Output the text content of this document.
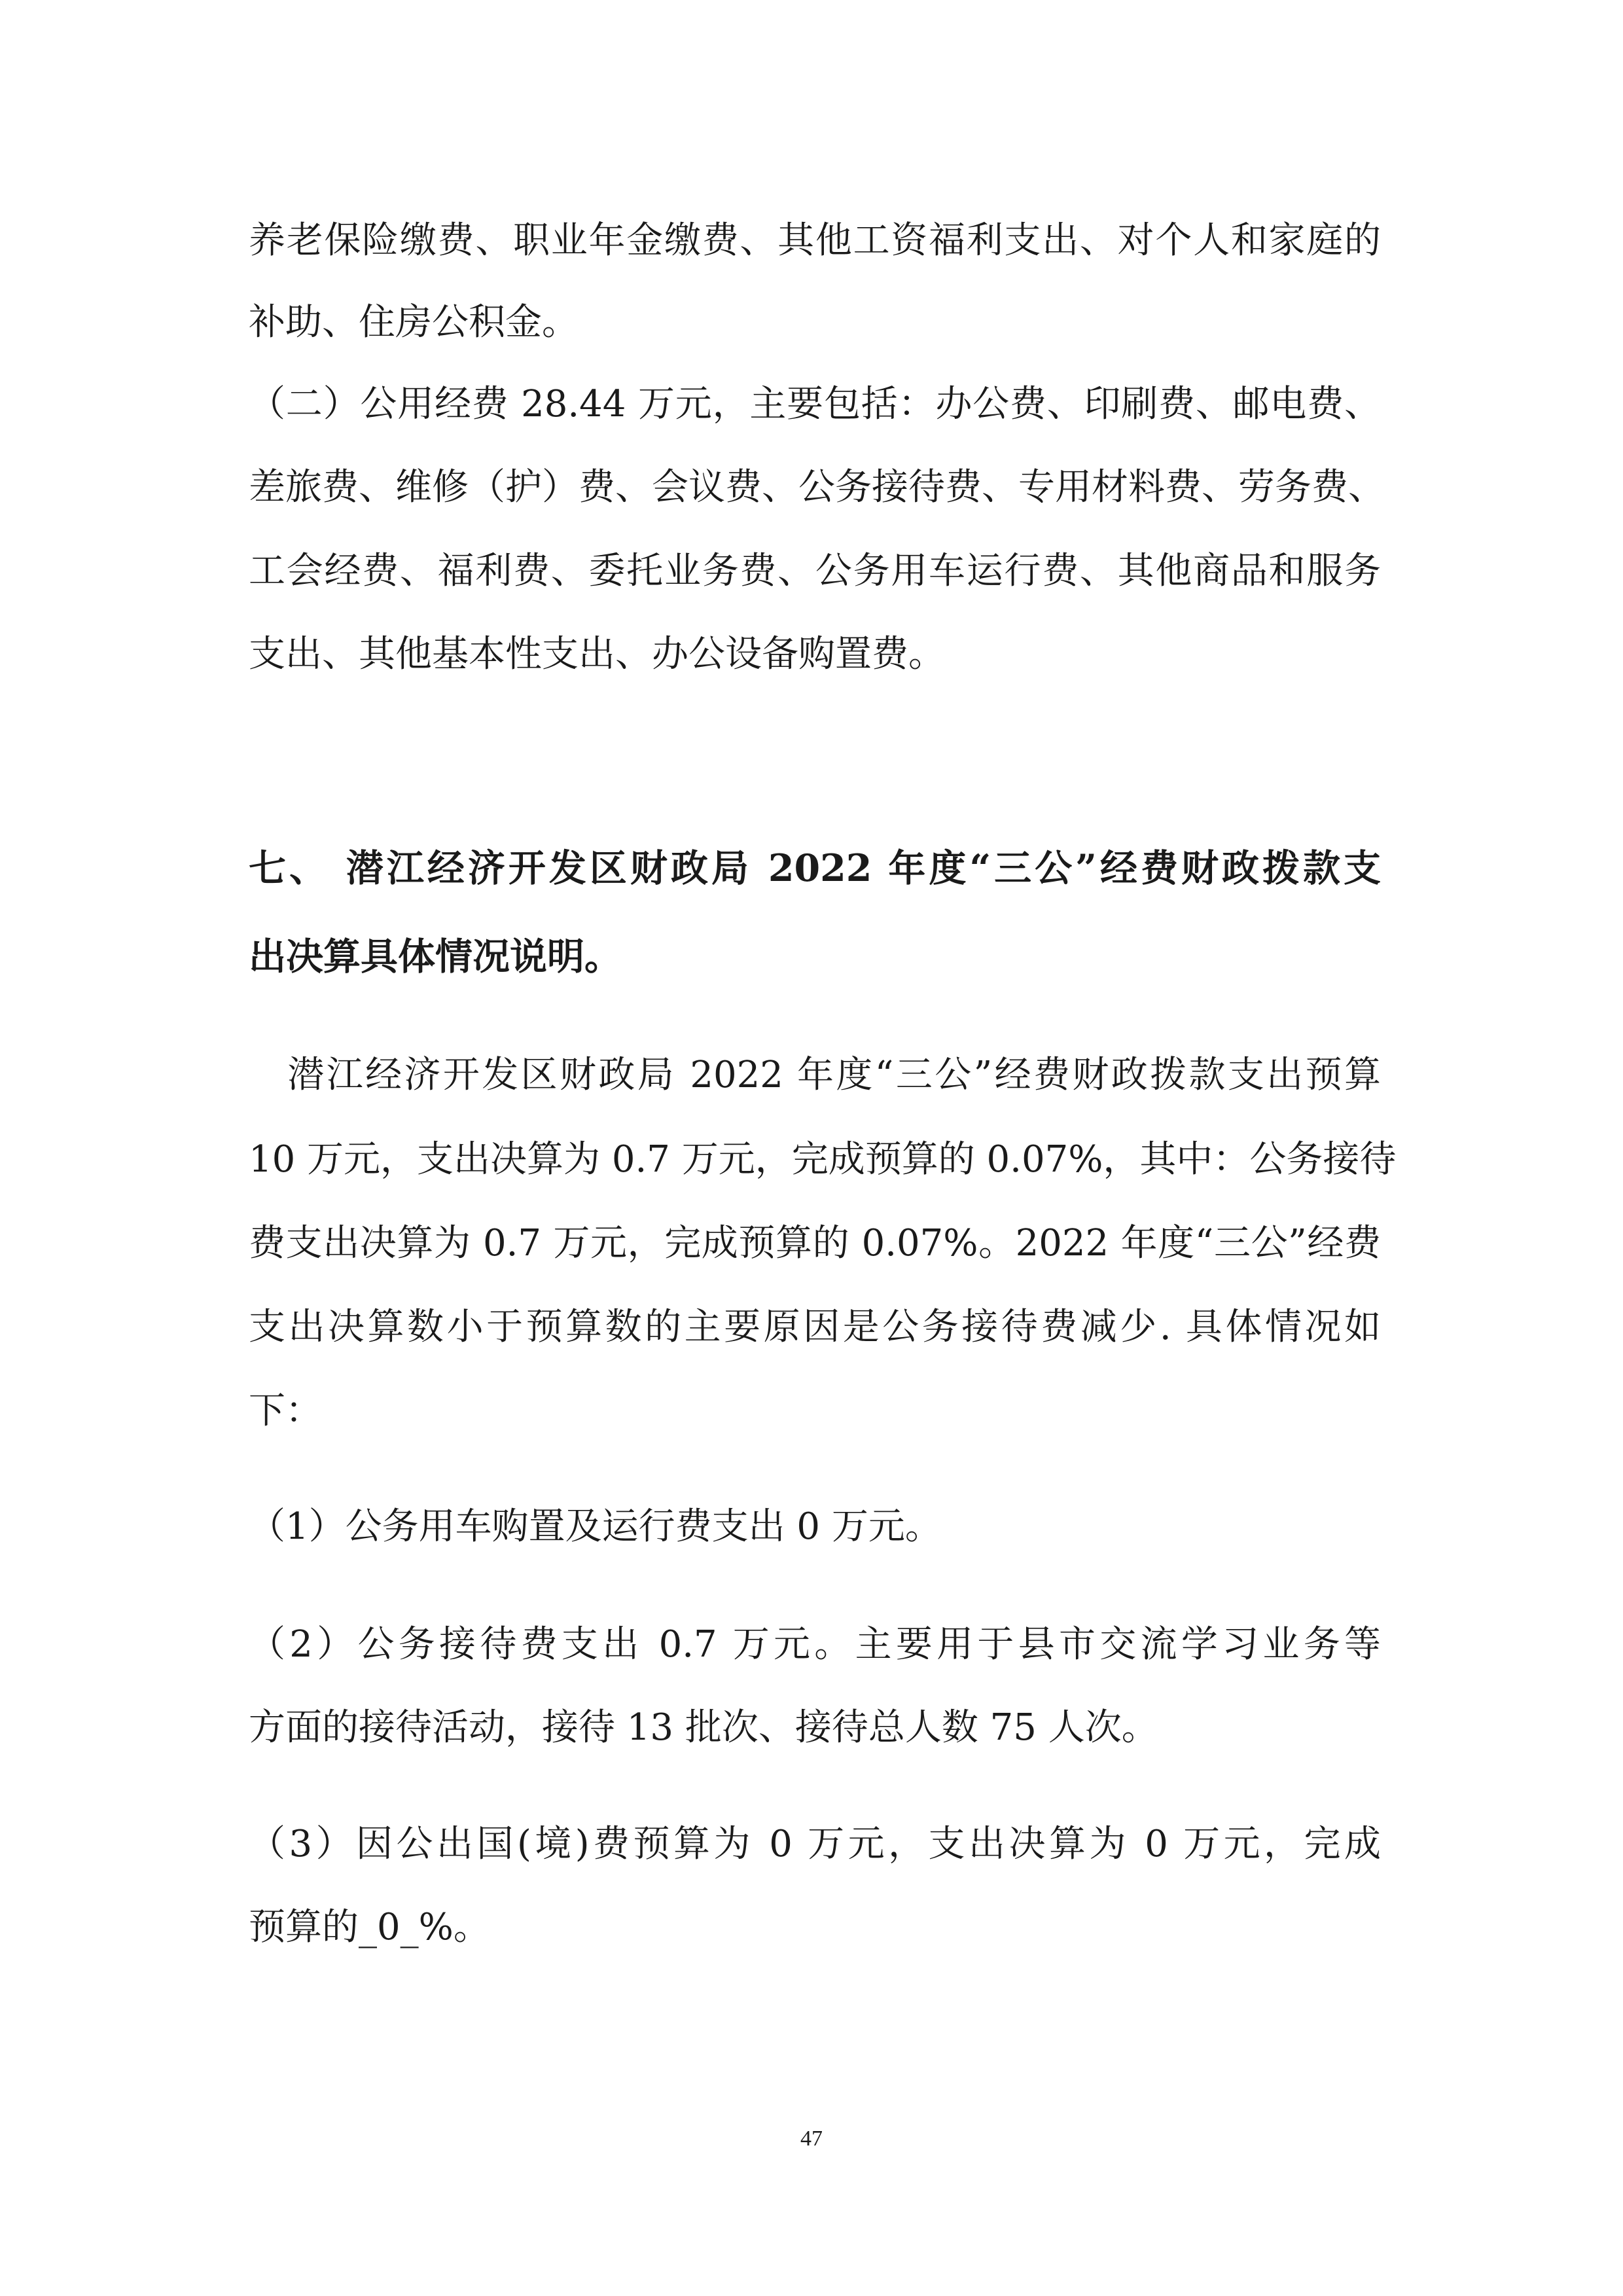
养老保险缴费、职业年金缴费、其他工资福利支出、对个人和家庭的
补助、住房公积金。
（二）公用经费 28.44 万元，主要包括：办公费、印刷费、邮电费、
差旅费、维修（护）费、会议费、公务接待费、专用材料费、劳务费、
工会经费、福利费、委托业务费、公务用车运行费、其他商品和服务
支出、其他基本性支出、办公设备购置费。
七、 潜江经济开发区财政局 2022 年度“三公”经费财政拨款支
出决算具体情况说明。
　潜江经济开发区财政局 2022 年度“三公”经费财政拨款支出预算
10 万元，支出决算为 0.7 万元，完成预算的 0.07%，其中：公务接待
费支出决算为 0.7 万元，完成预算的 0.07%。2022 年度“三公”经费
支出决算数小于预算数的主要原因是公务接待费减少. 具体情况如
下：
（1）公务用车购置及运行费支出 0 万元。
（2）公务接待费支出 0.7 万元。主要用于县市交流学习业务等
方面的接待活动，接待 13 批次、接待总人数 75 人次。
（3）因公出国(境)费预算为 0 万元，支出决算为 0 万元，完成
预算的_0_%。
47
